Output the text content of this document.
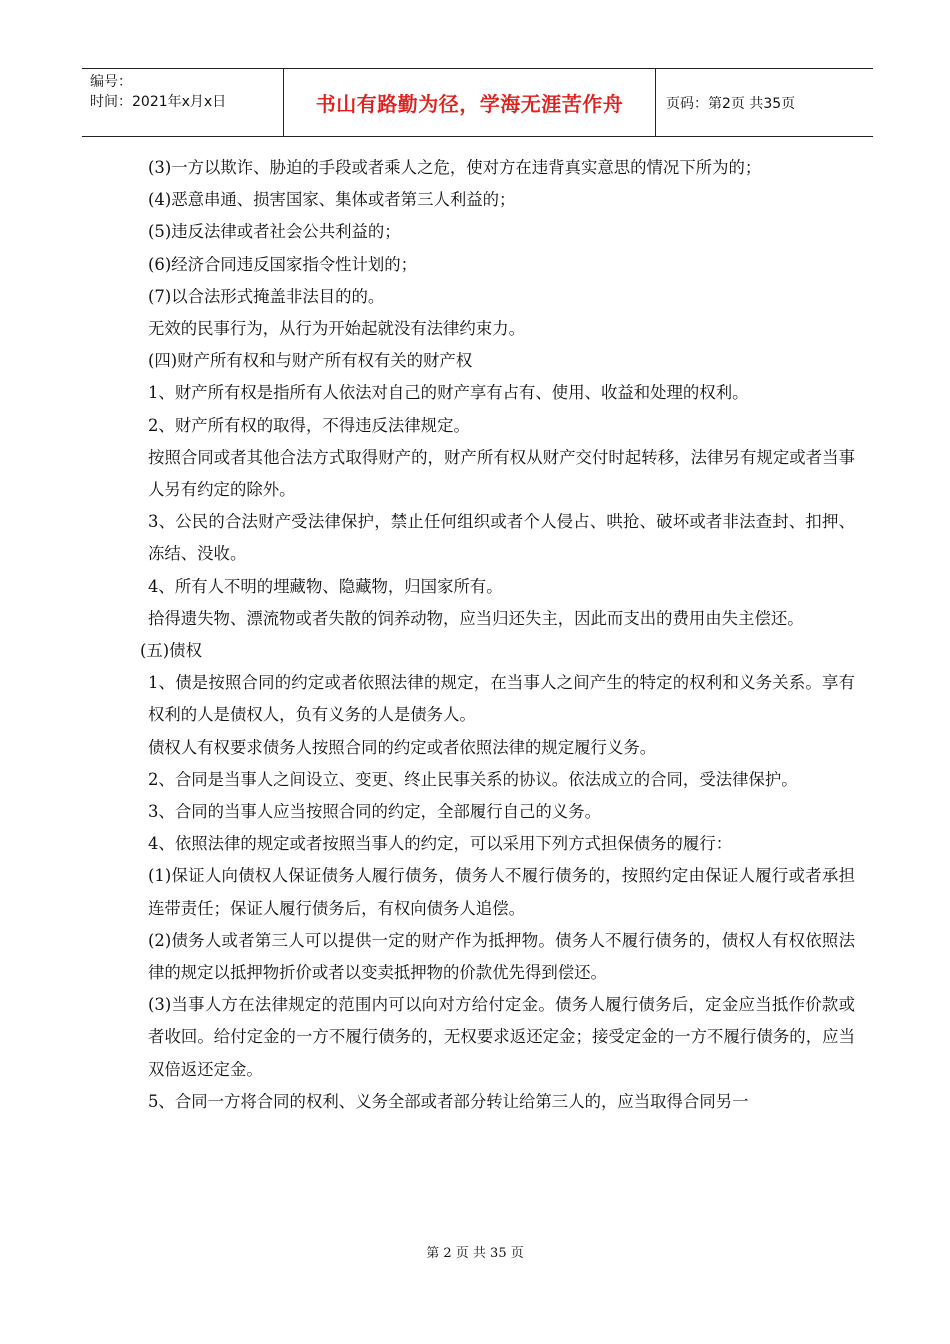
编号：
时间：2021年x月x日	书山有路勤为径，学海无涯苦作舟	页码：第2页 共35页

(3)一方以欺诈、胁迫的手段或者乘人之危，使对方在违背真实意思的情况下所为的；

(4)恶意串通、损害国家、集体或者第三人利益的；

(5)违反法律或者社会公共利益的；

(6)经济合同违反国家指令性计划的；

(7)以合法形式掩盖非法目的的。

无效的民事行为，从行为开始起就没有法律约束力。

(四)财产所有权和与财产所有权有关的财产权

1、财产所有权是指所有人依法对自己的财产享有占有、使用、收益和处理的权利。

2、财产所有权的取得，不得违反法律规定。

按照合同或者其他合法方式取得财产的，财产所有权从财产交付时起转移，法律另有规定或者当事人另有约定的除外。

3、公民的合法财产受法律保护，禁止任何组织或者个人侵占、哄抢、破坏或者非法查封、扣押、冻结、没收。

4、所有人不明的埋藏物、隐藏物，归国家所有。

拾得遗失物、漂流物或者失散的饲养动物，应当归还失主，因此而支出的费用由失主偿还。

(五)债权

1、债是按照合同的约定或者依照法律的规定，在当事人之间产生的特定的权利和义务关系。享有权利的人是债权人，负有义务的人是债务人。

债权人有权要求债务人按照合同的约定或者依照法律的规定履行义务。

2、合同是当事人之间设立、变更、终止民事关系的协议。依法成立的合同，受法律保护。

3、合同的当事人应当按照合同的约定，全部履行自己的义务。

4、依照法律的规定或者按照当事人的约定，可以采用下列方式担保债务的履行：

(1)保证人向债权人保证债务人履行债务，债务人不履行债务的，按照约定由保证人履行或者承担连带责任；保证人履行债务后，有权向债务人追偿。

(2)债务人或者第三人可以提供一定的财产作为抵押物。债务人不履行债务的，债权人有权依照法律的规定以抵押物折价或者以变卖抵押物的价款优先得到偿还。

(3)当事人方在法律规定的范围内可以向对方给付定金。债务人履行债务后，定金应当抵作价款或者收回。给付定金的一方不履行债务的，无权要求返还定金；接受定金的一方不履行债务的，应当双倍返还定金。

5、合同一方将合同的权利、义务全部或者部分转让给第三人的，应当取得合同另一

第 2 页 共 35 页
